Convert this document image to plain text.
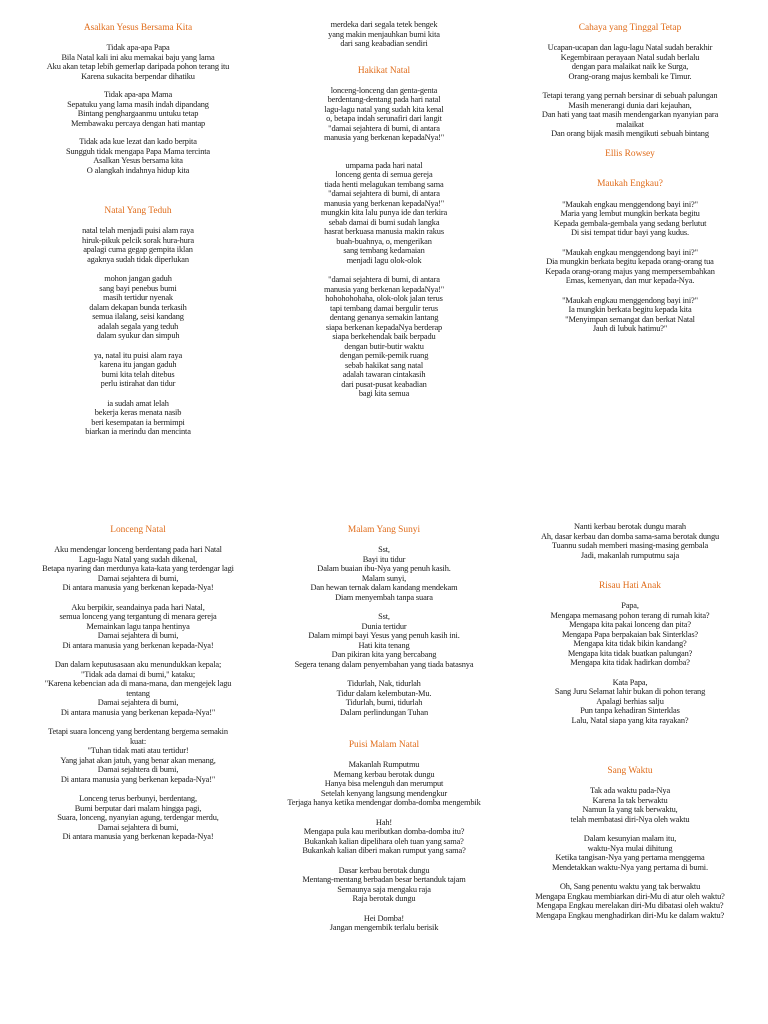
Asalkan Yesus Bersama Kita
Tidak apa-apa Papa
Bila Natal kali ini aku memakai baju yang lama
Aku akan tetap lebih gemerlap daripada pohon terang itu
Karena sukacita berpendar dihatiku
Tidak apa-apa Mama
Sepatuku yang lama masih indah dipandang
Bintang penghargaanmu untuku tetap
Membawaku percaya dengan hati mantap
Tidak ada kue lezat dan kado berpita
Sungguh tidak mengapa Papa Mama tercinta
Asalkan Yesus bersama kita
O alangkah indahnya hidup kita
Natal Yang Teduh
natal telah menjadi puisi alam raya
hiruk-pikuk pelcik sorak hura-hura
apalagi cuma gegap gempita iklan
agaknya sudah tidak diperlukan
mohon jangan gaduh
sang bayi penebus bumi
masih tertidur nyenak
dalam dekapan bunda terkasih
semua ilalang, seisi kandang
adalah segala yang teduh
dalam syukur dan simpuh
ya, natal itu puisi alam raya
karena itu jangan gaduh
bumi kita telah ditebus
perlu istirahat dan tidur
ia sudah amat lelah
bekerja keras menata nasib
beri kesempatan ia bermimpi
biarkan ia merindu dan mencinta
merdeka dari segala tetek bengek
yang makin menjauhkan bumi kita
dari sang keabadian sendiri
Hakikat Natal
lonceng-lonceng dan genta-genta
berdentang-dentang pada hari natal
lagu-lagu natal yang sudah kita kenal
o, betapa indah serunafiri dari langit
"damai sejahtera di bumi, di antara
manusia yang berkenan kepadaNya!"
umpama pada hari natal
lonceng genta di semua gereja
tiada henti melagukan tembang sama
"damai sejahtera di bumi, di antara
manusia yang berkenan kepadaNya!"
mungkin kita lalu punya ide dan terkira
sebab damai di bumi sudah langka
hasrat berkuasa manusia makin rakus
buah-buahnya, o, mengerikan
sang tembang kedamaian
menjadi lagu olok-olok
"damai sejahtera di bumi, di antara
manusia yang berkenan kepadaNya!"
hohohohohaha, olok-olok jalan terus
tapi tembang damai bergulir terus
dentang genanya semakin lantang
siapa berkenan kepadaNya berderap
siapa berkehendak baik berpadu
dengan butir-butir waktu
dengan pemik-pemik ruang
sebab hakikat sang natal
adalah tawaran cintakasih
dari pusat-pusat keabadian
bagi kita semua
Cahaya yang Tinggal Tetap
Ucapan-ucapan dan lagu-lagu Natal sudah berakhir
Kegembiraan perayaan Natal sudah berlalu
dengan para malaikat naik ke Surga,
Orang-orang majus kembali ke Timur.
Tetapi terang yang pernah bersinar di sebuah palungan
Masih menerangi dunia dari kejauhan,
Dan hati yang taat masih mendengarkan nyanyian para
malaikat
Dan orang bijak masih mengikuti sebuah bintang
Ellis Rowsey
Maukah Engkau?
"Maukah engkau menggendong bayi ini?"
Maria yang lembut mungkin berkata begitu
Kepada gembala-gembala yang sedang berlutut
Di sisi tempat tidur bayi yang kudus.
"Maukah engkau menggendong bayi ini?"
Dia mungkin berkata begitu kepada orang-orang tua
Kepada orang-orang majus yang mempersembahkan
Emas, kemenyan, dan mur kepada-Nya.
"Maukah engkau menggendong bayi ini?"
Ia mungkin berkata begitu kepada kita
"Menyimpan semangat dan berkat Natal
Jauh di lubuk hatimu?"
Lonceng Natal
Aku mendengar lonceng berdentang pada hari Natal
Lagu-lagu Natal yang sudah dikenal,
Betapa nyaring dan merdunya kata-kata yang terdengar lagi
Damai sejahtera di bumi,
Di antara manusia yang berkenan kepada-Nya!
Aku berpikir, seandainya pada hari Natal,
semua lonceng yang tergantung di menara gereja
Memainkan lagu tanpa hentinya
Damai sejahtera di bumi,
Di antara manusia yang berkenan kepada-Nya!
Dan dalam keputusasaan aku menundukkan kepala;
"Tidak ada damai di bumi," kataku;
"Karena kebencian ada di mana-mana, dan mengejek lagu
tentang
Damai sejahtera di bumi,
Di antara manusia yang berkenan kepada-Nya!"
Tetapi suara lonceng yang berdentang bergema semakin
kuat:
"Tuhan tidak mati atau tertidur!
Yang jahat akan jatuh, yang benar akan menang,
Damai sejahtera di bumi,
Di antara manusia yang berkenan kepada-Nya!"
Lonceng terus berbunyi, berdentang,
Bumi berputar dari malam hingga pagi,
Suara, lonceng, nyanyian agung, terdengar merdu,
Damai sejahtera di bumi,
Di antara manusia yang berkenan kepada-Nya!
Malam Yang Sunyi
Sst,
Bayi itu tidur
Dalam buaian ibu-Nya yang penuh kasih.
Malam sunyi,
Dan hewan ternak dalam kandang mendekam
Diam menyembah tanpa suara
Sst,
Dunia tertidur
Dalam mimpi bayi Yesus yang penuh kasih ini.
Hati kita tenang
Dan pikiran kita yang bercabang
Segera tenang dalam penyembahan yang tiada batasnya
Tidurlah, Nak, tidurlah
Tidur dalam kelembutan-Mu.
Tidurlah, bumi, tidurlah
Dalam perlindungan Tuhan
Puisi Malam Natal
Makanlah Rumputmu
Memang kerbau berotak dungu
Hanya bisa melenguh dan merumput
Setelah kenyang langsung mendengkur
Terjaga hanya ketika mendengar domba-domba mengembik
Hah!
Mengapa pula kau meributkan domba-domba itu?
Bukankah kalian dipelihara oleh tuan yang sama?
Bukankah kalian diberi makan rumput yang sama?
Dasar kerbau berotak dungu
Mentang-mentang berbadan besar bertanduk tajam
Semaunya saja mengaku raja
Raja berotak dungu
Hei Domba!
Jangan mengembik terlalu berisik
Nanti kerbau berotak dungu marah
Ah, dasar kerbau dan domba sama-sama berotak dungu
Tuannu sudah memberi masing-masing gembala
Jadi, makanlah rumputmu saja
Risau Hati Anak
Papa,
Mengapa memasang pohon terang di rumah kita?
Mengapa kita pakai lonceng dan pita?
Mengapa Papa berpakaian bak Sinterklas?
Mengapa kita tidak bikin kandang?
Mengapa kita tidak buatkan palungan?
Mengapa kita tidak hadirkan domba?
Kata Papa,
Sang Juru Selamat lahir bukan di pohon terang
Apalagi berhias salju
Pun tanpa kehadiran Sinterklas
Lalu, Natal siapa yang kita rayakan?
Sang Waktu
Tak ada waktu pada-Nya
Karena Ia tak berwaktu
Namun Ia yang tak berwaktu,
telah membatasi diri-Nya oleh waktu
Dalam kesunyian malam itu,
waktu-Nya mulai dihitung
Ketika tangisan-Nya yang pertama menggema
Mendetakkan waktu-Nya yang pertama di bumi.
Oh, Sang penentu waktu yang tak berwaktu
Mengapa Engkau membiarkan diri-Mu di atur oleh waktu?
Mengapa Engkau merelakan diri-Mu dibatasi oleh waktu?
Mengapa Engkau menghadirkan diri-Mu ke dalam waktu?
